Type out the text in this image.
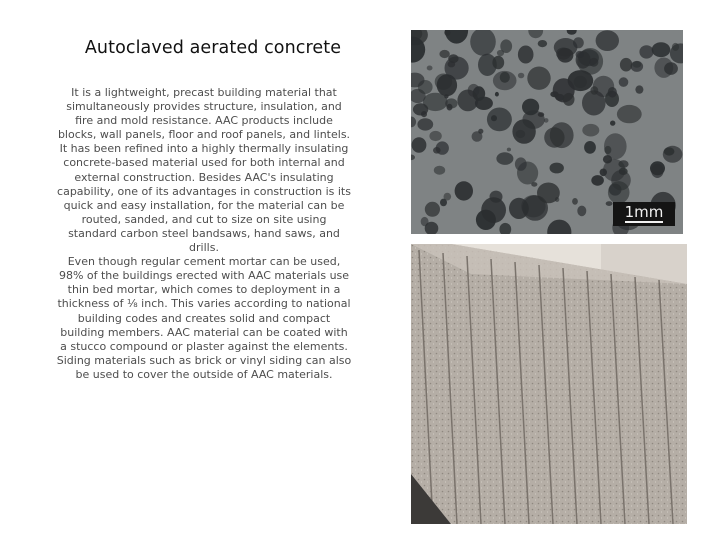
Autoclaved aerated concrete

It is a lightweight, precast building material that simultaneously provides structure, insulation, and fire and mold resistance. AAC products include blocks, wall panels, floor and roof panels, and lintels.

It has been refined into a highly thermally insulating concrete-based material used for both internal and external construction. Besides AAC's insulating capability, one of its advantages in construction is its quick and easy installation, for the material can be routed, sanded, and cut to size on site using standard carbon steel bandsaws, hand saws, and drills.

Even though regular cement mortar can be used, 98% of the buildings erected with AAC materials use thin bed mortar, which comes to deployment in a thickness of ⅛ inch. This varies according to national building codes and creates solid and compact building members. AAC material can be coated with a stucco compound or plaster against the elements. Siding materials such as brick or vinyl siding can also be used to cover the outside of AAC materials.

1mm
